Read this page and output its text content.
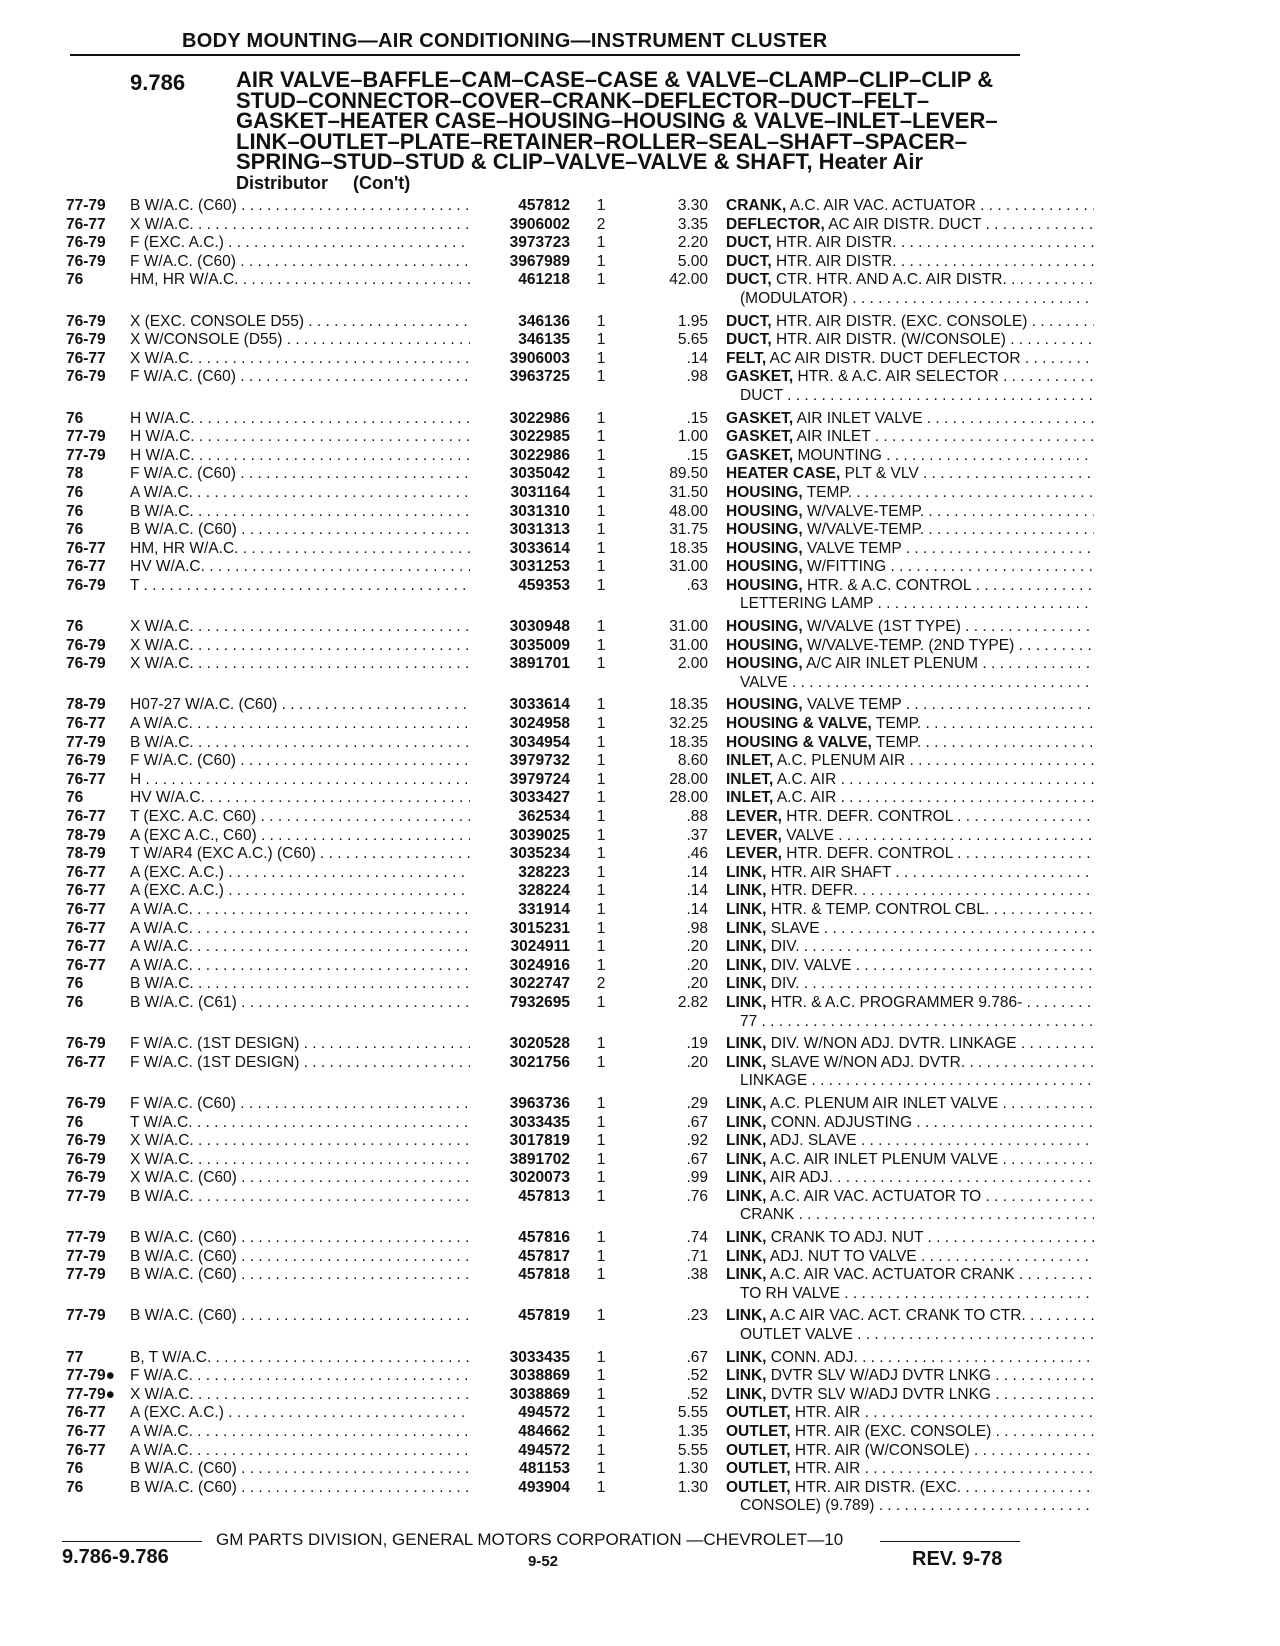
BODY MOUNTING—AIR CONDITIONING—INSTRUMENT CLUSTER
9.786 AIR VALVE–BAFFLE–CAM–CASE–CASE & VALVE–CLAMP–CLIP–CLIP &
STUD–CONNECTOR–COVER–CRANK–DEFLECTOR–DUCT–FELT–
GASKET–HEATER CASE–HOUSING–HOUSING & VALVE–INLET–LEVER–
LINK–OUTLET–PLATE–RETAINER–ROLLER–SEAL–SHAFT–SPACER–
SPRING–STUD–STUD & CLIP–VALVE–VALVE & SHAFT, Heater Air
Distributor (Con't)
77-79	B W/A.C. (C60) . . .	457812	1	3.30 CRANK, A.C. AIR VAC. ACTUATOR . . .
76-77	X W/A.C. . . .	3906002	2	3.35 DEFLECTOR, AC AIR DISTR. DUCT . . .
76-79	F (EXC. A.C.) . . .	3973723	1	2.20 DUCT, HTR. AIR DISTR. . . .
76-79	F W/A.C. (C60) . . .	3967989	1	5.00 DUCT, HTR. AIR DISTR. . . .
76	HM, HR W/A.C. . . .	461218	1	42.00 DUCT, CTR. HTR. AND A.C. AIR DISTR.
(MODULATOR) . . .
. . .
76-79	X (EXC. CONSOLE D55) . . .	346136	1	1.95 DUCT, HTR. AIR DISTR. (EXC. CONSOLE) . . .
76-79	X W/CONSOLE (D55) . . .	346135	1	5.65 DUCT, HTR. AIR DISTR. (W/CONSOLE) . . .
76-77	X W/A.C. . . .	3906003	1	.14 FELT, AC AIR DISTR. DUCT DEFLECTOR . . .
76-79	F W/A.C. (C60) . . .	3963725	1	.98 GASKET, HTR. & A.C. AIR SELECTOR
DUCT . . .
. . .
76	H W/A.C. . . .	3022986	1	.15 GASKET, AIR INLET VALVE . . .
77-79	H W/A.C. . . .	3022985	1	1.00 GASKET, AIR INLET . . .
77-79	H W/A.C. . . .	3022986	1	.15 GASKET, MOUNTING . . .
78	F W/A.C. (C60) . . .	3035042	1	89.50 HEATER CASE, PLT & VLV . . .
76	A W/A.C. . . .	3031164	1	31.50 HOUSING, TEMP. . . .
76	B W/A.C. . . .	3031310	1	48.00 HOUSING, W/VALVE-TEMP. . . .
76	B W/A.C. (C60) . . .	3031313	1	31.75 HOUSING, W/VALVE-TEMP. . . .
76-77	HM, HR W/A.C. . . .	3033614	1	18.35 HOUSING, VALVE TEMP . . .
76-77	HV W/A.C. . . .	3031253	1	31.00 HOUSING, W/FITTING . . .
76-79	T . . .	459353	1	.63 HOUSING, HTR. & A.C. CONTROL
LETTERING LAMP . . .
. . .
76	X W/A.C. . . .	3030948	1	31.00 HOUSING, W/VALVE (1ST TYPE) . . .
76-79	X W/A.C. . . .	3035009	1	31.00 HOUSING, W/VALVE-TEMP. (2ND TYPE) . . .
76-79	X W/A.C. . . .	3891701	1	2.00 HOUSING, A/C AIR INLET PLENUM
VALVE . . .
. . .
78-79	H07-27 W/A.C. (C60) . . .	3033614	1	18.35 HOUSING, VALVE TEMP . . .
76-77	A W/A.C. . . .	3024958	1	32.25 HOUSING & VALVE, TEMP. . . .
77-79	B W/A.C. . . .	3034954	1	18.35 HOUSING & VALVE, TEMP. . . .
76-79	F W/A.C. (C60) . . .	3979732	1	8.60 INLET, A.C. PLENUM AIR . . .
76-77	H . . .	3979724	1	28.00 INLET, A.C. AIR . . .
76	HV W/A.C. . . .	3033427	1	28.00 INLET, A.C. AIR . . .
76-77	T (EXC. A.C. C60) . . .	362534	1	.88 LEVER, HTR. DEFR. CONTROL . . .
78-79	A (EXC A.C., C60) . . .	3039025	1	.37 LEVER, VALVE . . .
78-79	T W/AR4 (EXC A.C.) (C60) . . .	3035234	1	.46 LEVER, HTR. DEFR. CONTROL . . .
76-77	A (EXC. A.C.) . . .	328223	1	.14 LINK, HTR. AIR SHAFT . . .
76-77	A (EXC. A.C.) . . .	328224	1	.14 LINK, HTR. DEFR. . . .
76-77	A W/A.C. . . .	331914	1	.14 LINK, HTR. & TEMP. CONTROL CBL. . . .
76-77	A W/A.C. . . .	3015231	1	.98 LINK, SLAVE . . .
76-77	A W/A.C. . . .	3024911	1	.20 LINK, DIV. . . .
76-77	A W/A.C. . . .	3024916	1	.20 LINK, DIV. VALVE . . .
76	B W/A.C. . . .	3022747	2	.20 LINK, DIV. . . .
76	B W/A.C. (C61) . . .	7932695	1	2.82 LINK, HTR. & A.C. PROGRAMMER 9.786-
77 . . .
. . .
76-79	F W/A.C. (1ST DESIGN) . . .	3020528	1	.19 LINK, DIV. W/NON ADJ. DVTR. LINKAGE . . .
76-77	F W/A.C. (1ST DESIGN) . . .	3021756	1	.20 LINK, SLAVE W/NON ADJ. DVTR.
LINKAGE . . .
. . .
76-79	F W/A.C. (C60) . . .	3963736	1	.29 LINK, A.C. PLENUM AIR INLET VALVE . . .
76	T W/A.C. . . .	3033435	1	.67 LINK, CONN. ADJUSTING . . .
76-79	X W/A.C. . . .	3017819	1	.92 LINK, ADJ. SLAVE . . .
76-79	X W/A.C. . . .	3891702	1	.67 LINK, A.C. AIR INLET PLENUM VALVE . . .
76-79	X W/A.C. (C60) . . .	3020073	1	.99 LINK, AIR ADJ. . . .
77-79	B W/A.C. . . .	457813	1	.76 LINK, A.C. AIR VAC. ACTUATOR TO
CRANK . . .
. . .
77-79	B W/A.C. (C60) . . .	457816	1	.74 LINK, CRANK TO ADJ. NUT . . .
77-79	B W/A.C. (C60) . . .	457817	1	.71 LINK, ADJ. NUT TO VALVE . . .
77-79	B W/A.C. (C60) . . .	457818	1	.38 LINK, A.C. AIR VAC. ACTUATOR CRANK
TO RH VALVE . . .
. . .
77-79	B W/A.C. (C60) . . .	457819	1	.23 LINK, A.C AIR VAC. ACT. CRANK TO CTR.
OUTLET VALVE . . .
. . .
77	B, T W/A.C. . . .	3033435	1	.67 LINK, CONN. ADJ. . . .
77-79● F W/A.C. . . .	3038869	1	.52 LINK, DVTR SLV W/ADJ DVTR LNKG . . .
77-79● X W/A.C. . . .	3038869	1	.52 LINK, DVTR SLV W/ADJ DVTR LNKG . . .
76-77	A (EXC. A.C.) . . .	494572	1	5.55 OUTLET, HTR. AIR . . .
76-77	A W/A.C. . . .	484662	1	1.35 OUTLET, HTR. AIR (EXC. CONSOLE) . . .
76-77	A W/A.C. . . .	494572	1	5.55 OUTLET, HTR. AIR (W/CONSOLE) . . .
76	B W/A.C. (C60) . . .	481153	1	1.30 OUTLET, HTR. AIR . . .
76	B W/A.C. (C60) . . .	493904	1	1.30 OUTLET, HTR. AIR DISTR. (EXC.
CONSOLE) (9.789) . . .
. . .
GM PARTS DIVISION, GENERAL MOTORS CORPORATION —CHEVROLET—10
9.786-9.786	9-52	REV. 9-78
